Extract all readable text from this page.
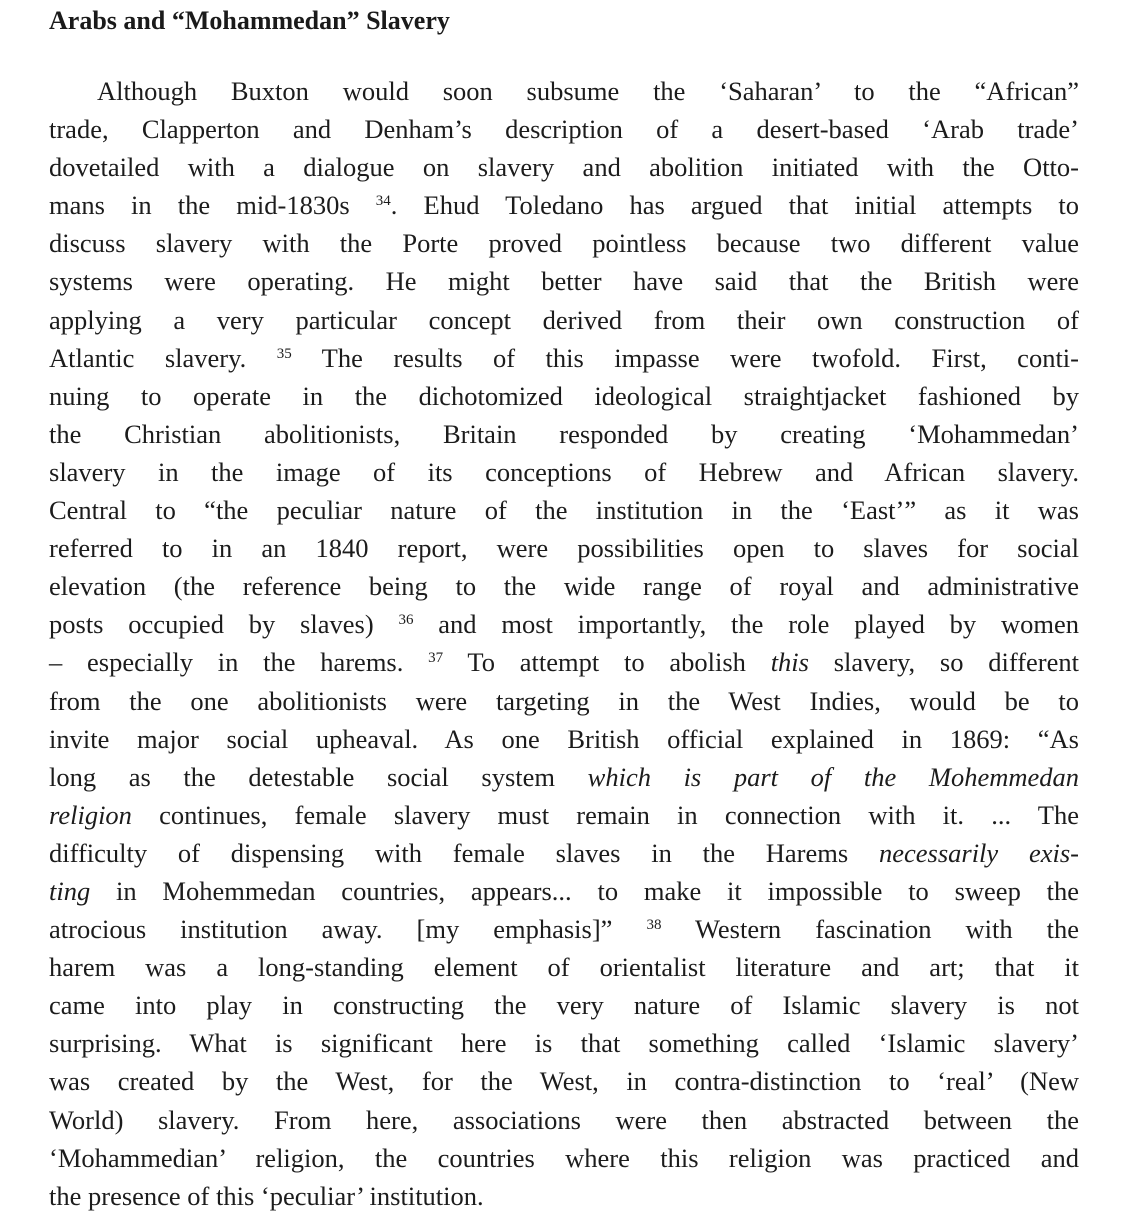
Arabs and “Mohammedan” Slavery
Although Buxton would soon subsume the ‘Saharan’ to the “African”
trade, Clapperton and Denham’s description of a desert-based ‘Arab trade’
dovetailed with a dialogue on slavery and abolition initiated with the Otto-
mans in the mid-1830s $^{34}$. Ehud Toledano has argued that initial attempts to
discuss slavery with the Porte proved pointless because two different value
systems were operating. He might better have said that the British were
applying a very particular concept derived from their own construction of
Atlantic slavery. $^{35}$ The results of this impasse were twofold. First, conti-
nuing to operate in the dichotomized ideological straightjacket fashioned by
the Christian abolitionists, Britain responded by creating ‘Mohammedan’
slavery in the image of its conceptions of Hebrew and African slavery.
Central to “the peculiar nature of the institution in the ‘East’” as it was
referred to in an 1840 report, were possibilities open to slaves for social
elevation (the reference being to the wide range of royal and administrative
posts occupied by slaves) $^{36}$ and most importantly, the role played by women
– especially in the harems. $^{37}$ To attempt to abolish this slavery, so different
from the one abolitionists were targeting in the West Indies, would be to
invite major social upheaval. As one British official explained in 1869: “As
long as the detestable social system which is part of the Mohemmedan
religion continues, female slavery must remain in connection with it. ... The
difficulty of dispensing with female slaves in the Harems necessarily exis-
ting in Mohemmedan countries, appears... to make it impossible to sweep the
atrocious institution away. [my emphasis]” $^{38}$ Western fascination with the
harem was a long-standing element of orientalist literature and art; that it
came into play in constructing the very nature of Islamic slavery is not
surprising. What is significant here is that something called ‘Islamic slavery’
was created by the West, for the West, in contra-distinction to ‘real’ (New
World) slavery. From here, associations were then abstracted between the
‘Mohammedian’ religion, the countries where this religion was practiced and
the presence of this ‘peculiar’ institution.
